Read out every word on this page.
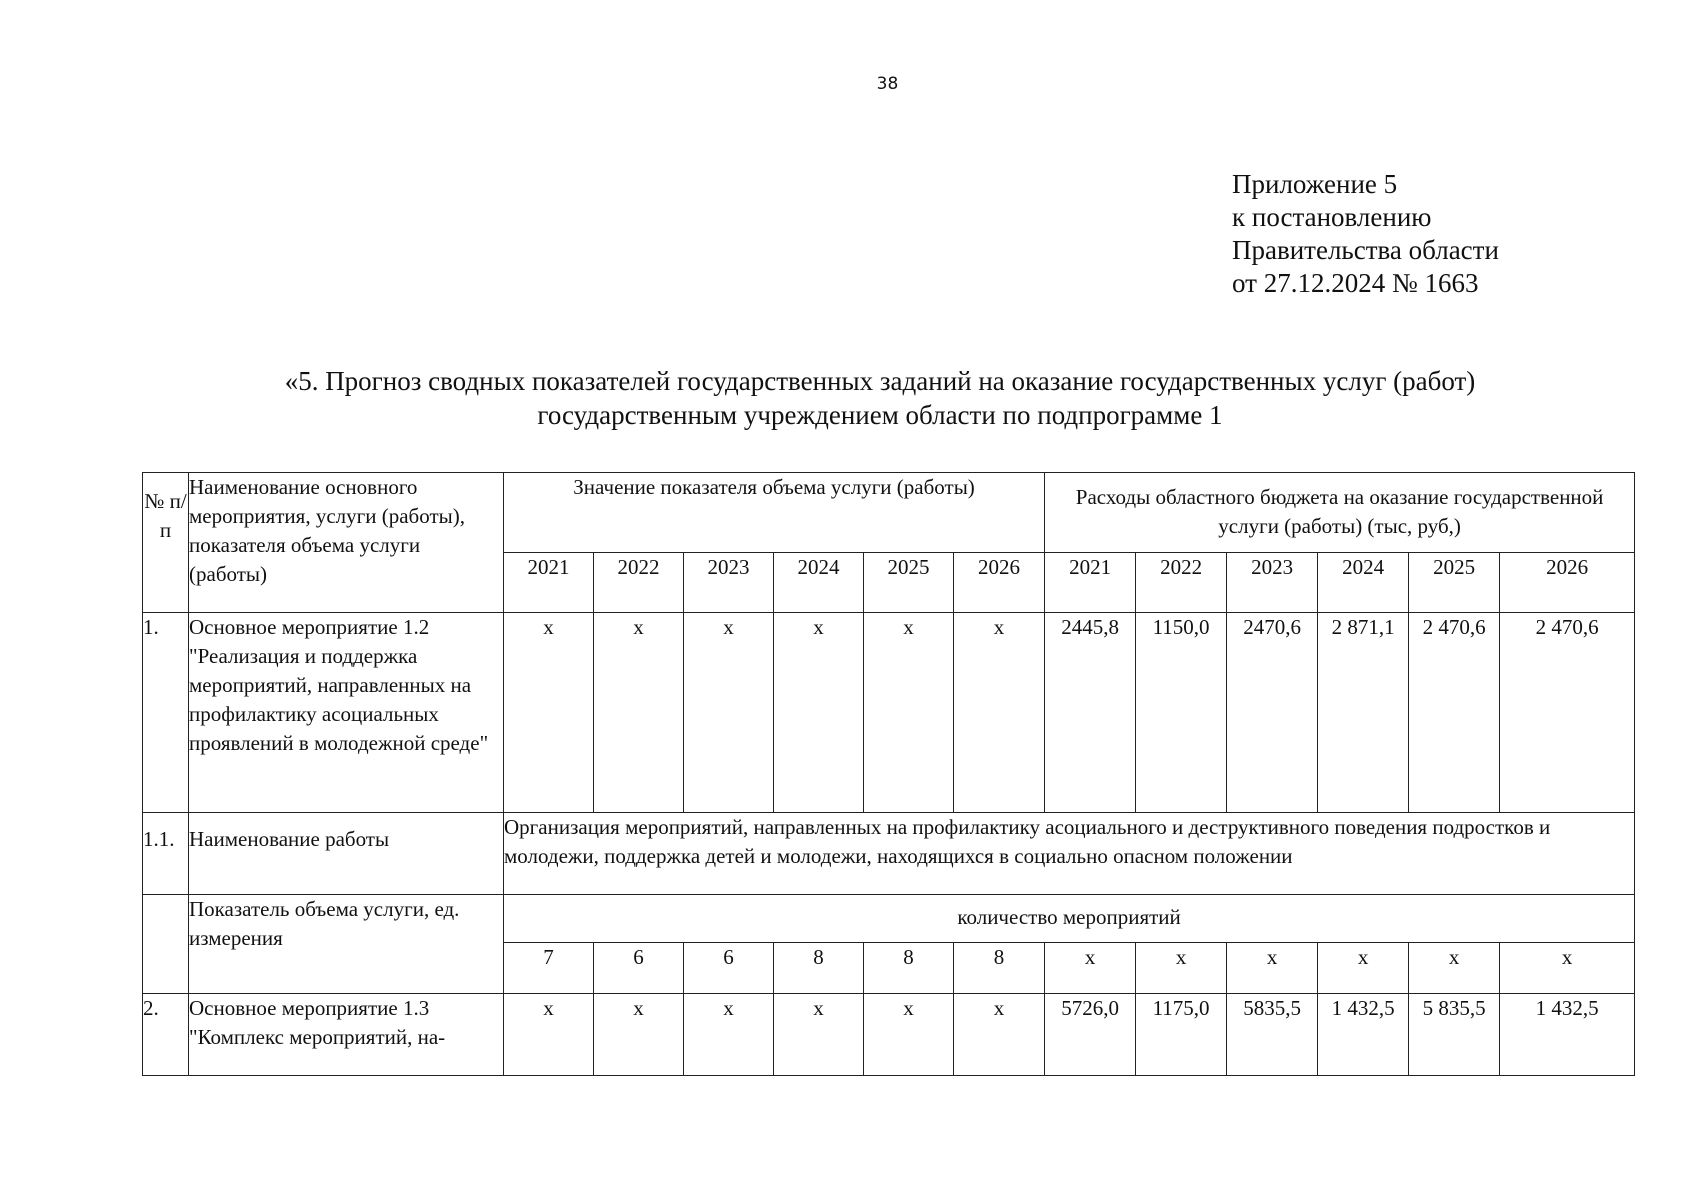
38
Приложение 5
к постановлению
Правительства области
от 27.12.2024 № 1663
«5. Прогноз сводных показателей государственных заданий на оказание государственных услуг (работ)
государственным учреждением области по подпрограмме 1
№ п/п	Наименование основного мероприятия, услуги (работы), показателя объема услуги (работы)	Значение показателя объема услуги (работы)						Расходы областного бюджета на оказание государственной услуги (работы) (тыс, руб,)					
		2021	2022	2023	2024	2025	2026	2021	2022	2023	2024	2025	2026
1.	Основное мероприятие 1.2 "Реализация и поддержка мероприятий, направленных на профилактику асоциальных проявлений в молодежной среде"	х	х	х	х	х	х	2445,8	1150,0	2470,6	2 871,1	2 470,6	2 470,6
1.1.	Наименование работы	Организация мероприятий, направленных на профилактику асоциального и деструктивного поведения подростков и молодежи, поддержка детей и молодежи, находящихся в социально опасном положении											
	Показатель объема услуги, ед. измерения	количество мероприятий											
		7	6	6	8	8	8	х	х	х	х	х	х
2.	Основное мероприятие 1.3 "Комплекс мероприятий, на-	х	х	х	х	х	х	5726,0	1175,0	5835,5	1 432,5	5 835,5	1 432,5
